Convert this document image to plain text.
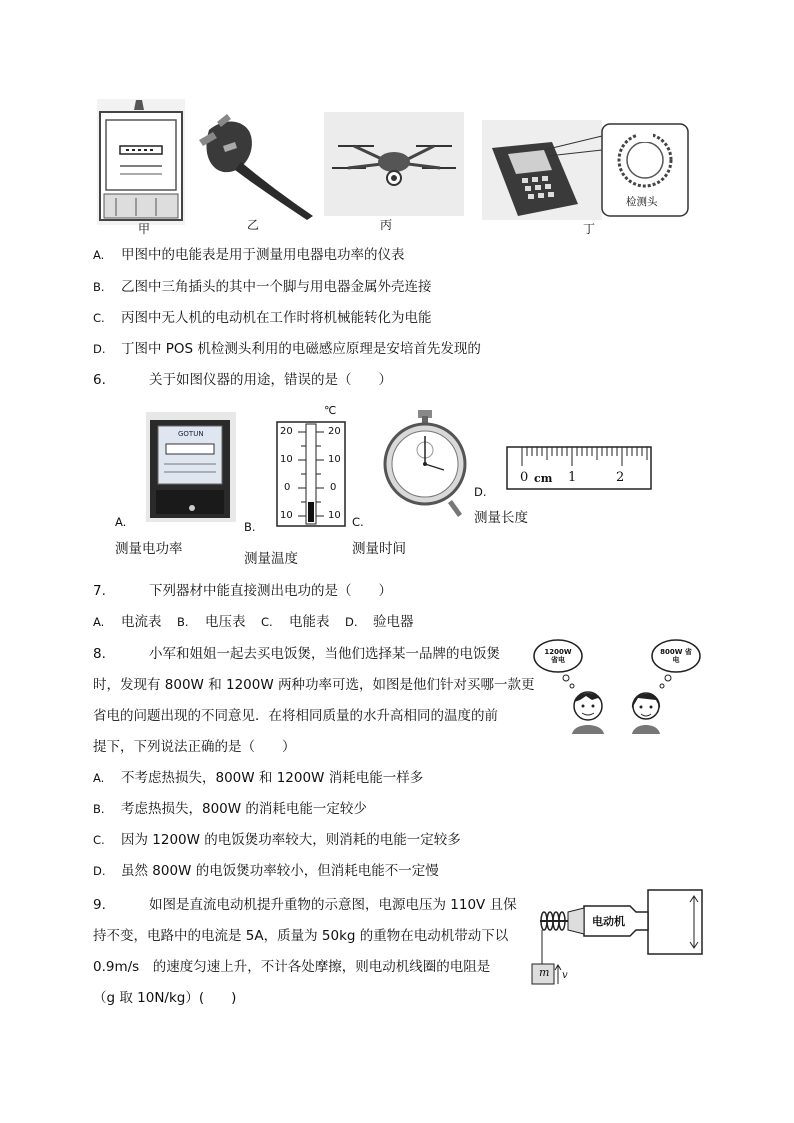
甲	乙	丙
检测头
丁
A. 甲图中的电能表是用于测量用电器电功率的仪表
B. 乙图中三角插头的其中一个脚与用电器金属外壳连接
C. 丙图中无人机的电动机在工作时将机械能转化为电能
D. 丁图中 POS 机检测头利用的电磁感应原理是安培首先发现的
6.	关于如图仪器的用途，错误的是（　　）
GOTUN
A.
测量电功率
℃
20
10
0
10
20
10
0
10
B.
测量温度
C.
测量时间
0 cm 1	2
D.
测量长度
7.	下列器材中能直接测出电功的是（　　）
A. 电流表 B. 电压表 C. 电能表 D. 验电器
8.	小军和姐姐一起去买电饭煲，当他们选择某一品牌的电饭煲
时，发现有 800W 和 1200W 两种功率可选，如图是他们针对买哪一款更
省电的问题出现的不同意见．在将相同质量的水升高相同的温度的前
提下，下列说法正确的是（　　）
1200W 省电
800W 省电
A. 不考虑热损失，800W 和 1200W 消耗电能一样多
B. 考虑热损失，800W 的消耗电能一定较少
C. 因为 1200W 的电饭煲功率较大，则消耗的电能一定较多
D. 虽然 800W 的电饭煲功率较小，但消耗电能不一定慢
9.	如图是直流电动机提升重物的示意图，电源电压为 110V 且保
持不变，电路中的电流是 5A，质量为 50kg 的重物在电动机带动下以
0.9m/s　的速度匀速上升，不计各处摩擦，则电动机线圈的电阻是
（g 取 10N/kg）(　　)
电动机
m v
